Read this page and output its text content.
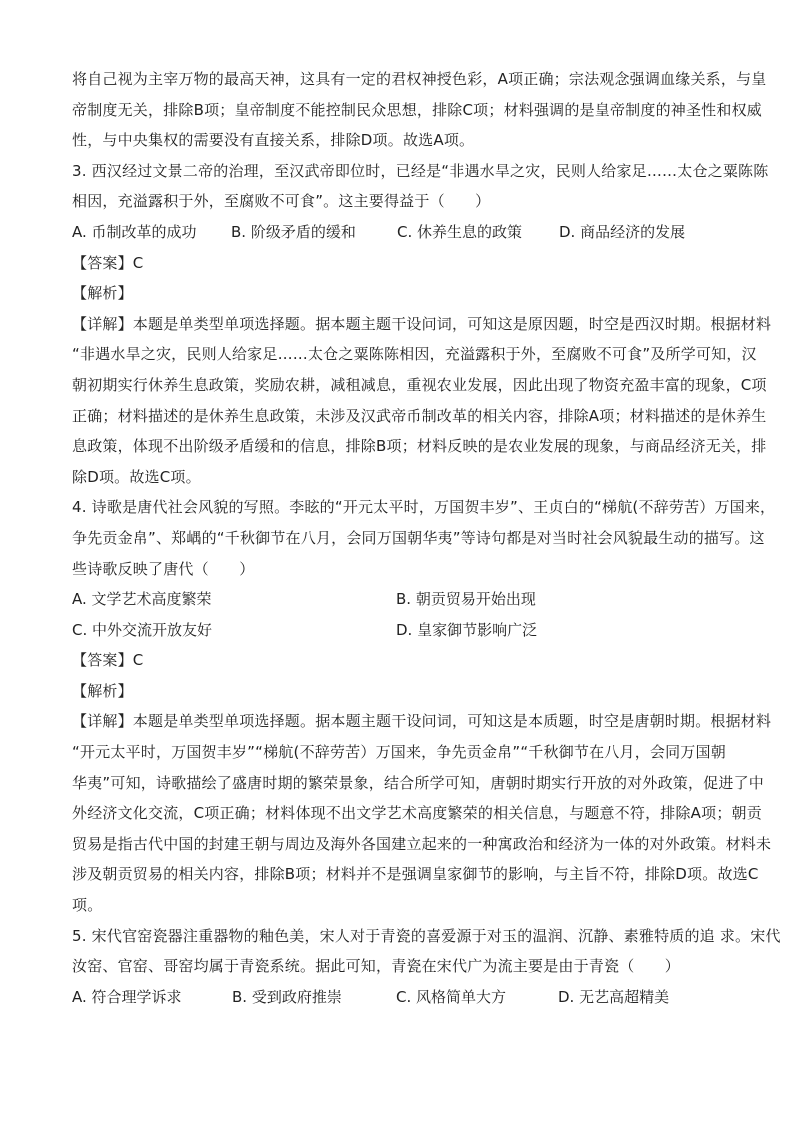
将自己视为主宰万物的最高天神，这具有一定的君权神授色彩，A项正确；宗法观念强调血缘关系，与皇
帝制度无关，排除B项；皇帝制度不能控制民众思想，排除C项；材料强调的是皇帝制度的神圣性和权威
性，与中央集权的需要没有直接关系，排除D项。故选A项。
3. 西汉经过文景二帝的治理，至汉武帝即位时，已经是“非遇水旱之灾，民则人给家足……太仓之粟陈陈
相因，充溢露积于外，至腐败不可食”。这主要得益于（　　）
A. 币制改革的成功	B. 阶级矛盾的缓和	C. 休养生息的政策	D. 商品经济的发展
【答案】C
【解析】
【详解】本题是单类型单项选择题。据本题主题干设问词，可知这是原因题，时空是西汉时期。根据材料
“非遇水旱之灾，民则人给家足……太仓之粟陈陈相因，充溢露积于外，至腐败不可食”及所学可知，汉
朝初期实行休养生息政策，奖励农耕，减租减息，重视农业发展，因此出现了物资充盈丰富的现象，C项
正确；材料描述的是休养生息政策，未涉及汉武帝币制改革的相关内容，排除A项；材料描述的是休养生
息政策，体现不出阶级矛盾缓和的信息，排除B项；材料反映的是农业发展的现象，与商品经济无关，排
除D项。故选C项。
4. 诗歌是唐代社会风貌的写照。李眩的“开元太平时，万国贺丰岁”、王贞白的“梯航(不辞劳苦）万国来，
争先贡金帛”、郑嵎的“千秋御节在八月，会同万国朝华夷”等诗句都是对当时社会风貌最生动的描写。这
些诗歌反映了唐代（　　）
A. 文学艺术高度繁荣	B. 朝贡贸易开始出现
C. 中外交流开放友好	D. 皇家御节影响广泛
【答案】C
【解析】
【详解】本题是单类型单项选择题。据本题主题干设问词，可知这是本质题，时空是唐朝时期。根据材料
“开元太平时，万国贺丰岁”“梯航(不辞劳苦）万国来，争先贡金帛”“千秋御节在八月，会同万国朝
华夷”可知，诗歌描绘了盛唐时期的繁荣景象，结合所学可知，唐朝时期实行开放的对外政策，促进了中
外经济文化交流，C项正确；材料体现不出文学艺术高度繁荣的相关信息，与题意不符，排除A项；朝贡
贸易是指古代中国的封建王朝与周边及海外各国建立起来的一种寓政治和经济为一体的对外政策。材料未
涉及朝贡贸易的相关内容，排除B项；材料并不是强调皇家御节的影响，与主旨不符，排除D项。故选C
项。
5. 宋代官窑瓷器注重器物的釉色美，宋人对于青瓷的喜爱源于对玉的温润、沉静、素雅特质的追 求。宋代
汝窑、官窑、哥窑均属于青瓷系统。据此可知，青瓷在宋代广为流主要是由于青瓷（　　）
A. 符合理学诉求	B. 受到政府推崇	C. 风格简单大方	D. 无艺高超精美
